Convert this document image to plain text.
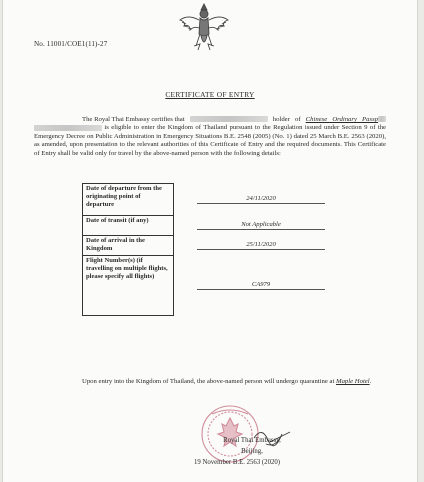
No. 11001/COE1(11)-27
CERTIFICATE OF ENTRY

The Royal Thai Embassy certifies that	holder of Chinese Ordinary Passp  is eligible to enter the Kingdom of Thailand pursuant to the Regulation issued under Section 9 of the Emergency Decree on Public Administration in Emergency Situations B.E. 2548 (2005) (No. 1) dated 25 March B.E. 2563 (2020), as amended, upon presentation to the relevant authorities of this Certificate of Entry and the required documents. This Certificate of Entry shall be valid only for travel by the above-named person with the following details:

Date of departure from the originating point of departure	24/11/2020
Date of transit (if any)	Not Applicable
Date of arrival in the Kingdom	25/11/2020
Flight Number(s) (if travelling on multiple flights, please specify all flights)	CA979
Upon entry into the Kingdom of Thailand, the above-named person will undergo quarantine at Maple Hotel.
Royal Thai Embassy,
Beijing,
19 November B.E. 2563 (2020)
